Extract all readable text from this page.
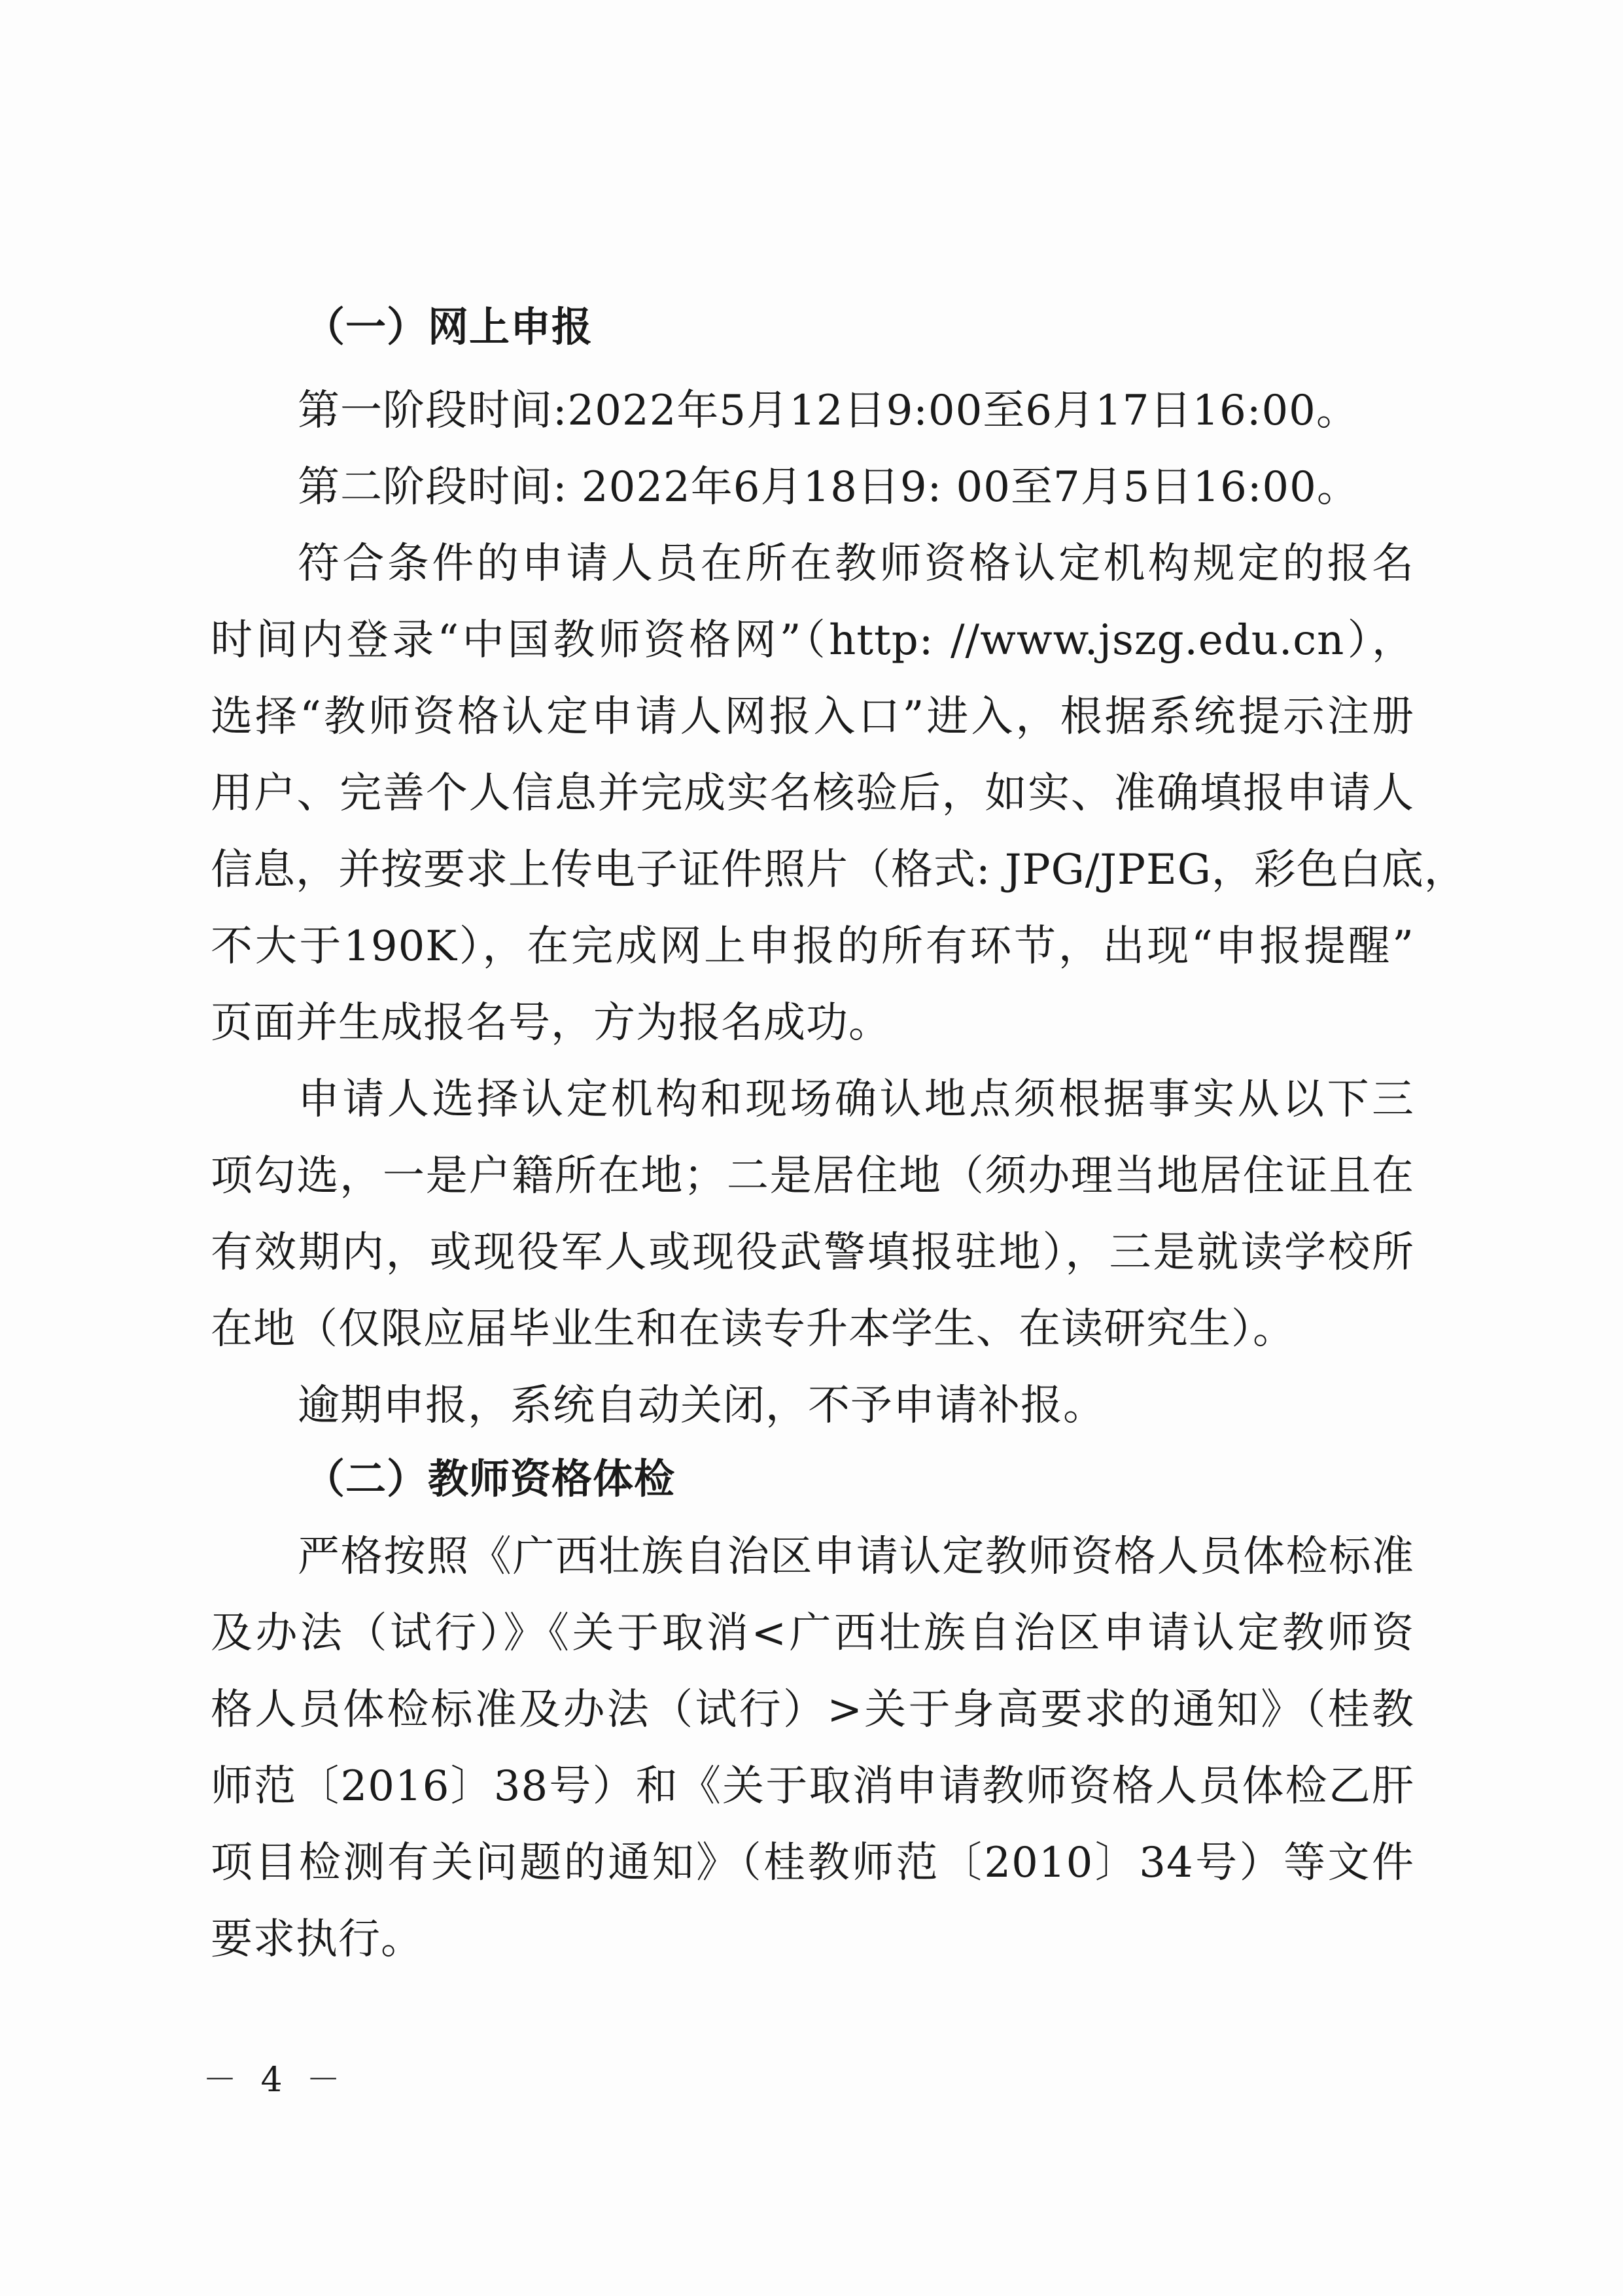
（一）网上申报
第一阶段时间:2022年5月12日9:00至6月17日16:00。
第二阶段时间: 2022年6月18日9: 00至7月5日16:00。
符合条件的申请人员在所在教师资格认定机构规定的报名
时间内登录“中国教师资格网”（http: //www.jszg.edu.cn），
选择“教师资格认定申请人网报入口”进入，根据系统提示注册
用户、完善个人信息并完成实名核验后，如实、准确填报申请人
信息，并按要求上传电子证件照片（格式: JPG/JPEG，彩色白底，
不大于190K），在完成网上申报的所有环节，出现“申报提醒”
页面并生成报名号，方为报名成功。
申请人选择认定机构和现场确认地点须根据事实从以下三
项勾选，一是户籍所在地；二是居住地（须办理当地居住证且在
有效期内，或现役军人或现役武警填报驻地），三是就读学校所
在地（仅限应届毕业生和在读专升本学生、在读研究生）。
逾期申报，系统自动关闭，不予申请补报。
（二）教师资格体检
严格按照《广西壮族自治区申请认定教师资格人员体检标准
及办法（试行）》《关于取消<广西壮族自治区申请认定教师资
格人员体检标准及办法（试行）>关于身高要求的通知》（桂教
师范〔2016〕38号）和《关于取消申请教师资格人员体检乙肝
项目检测有关问题的通知》（桂教师范〔2010〕34号）等文件
要求执行。
－ 4 －
